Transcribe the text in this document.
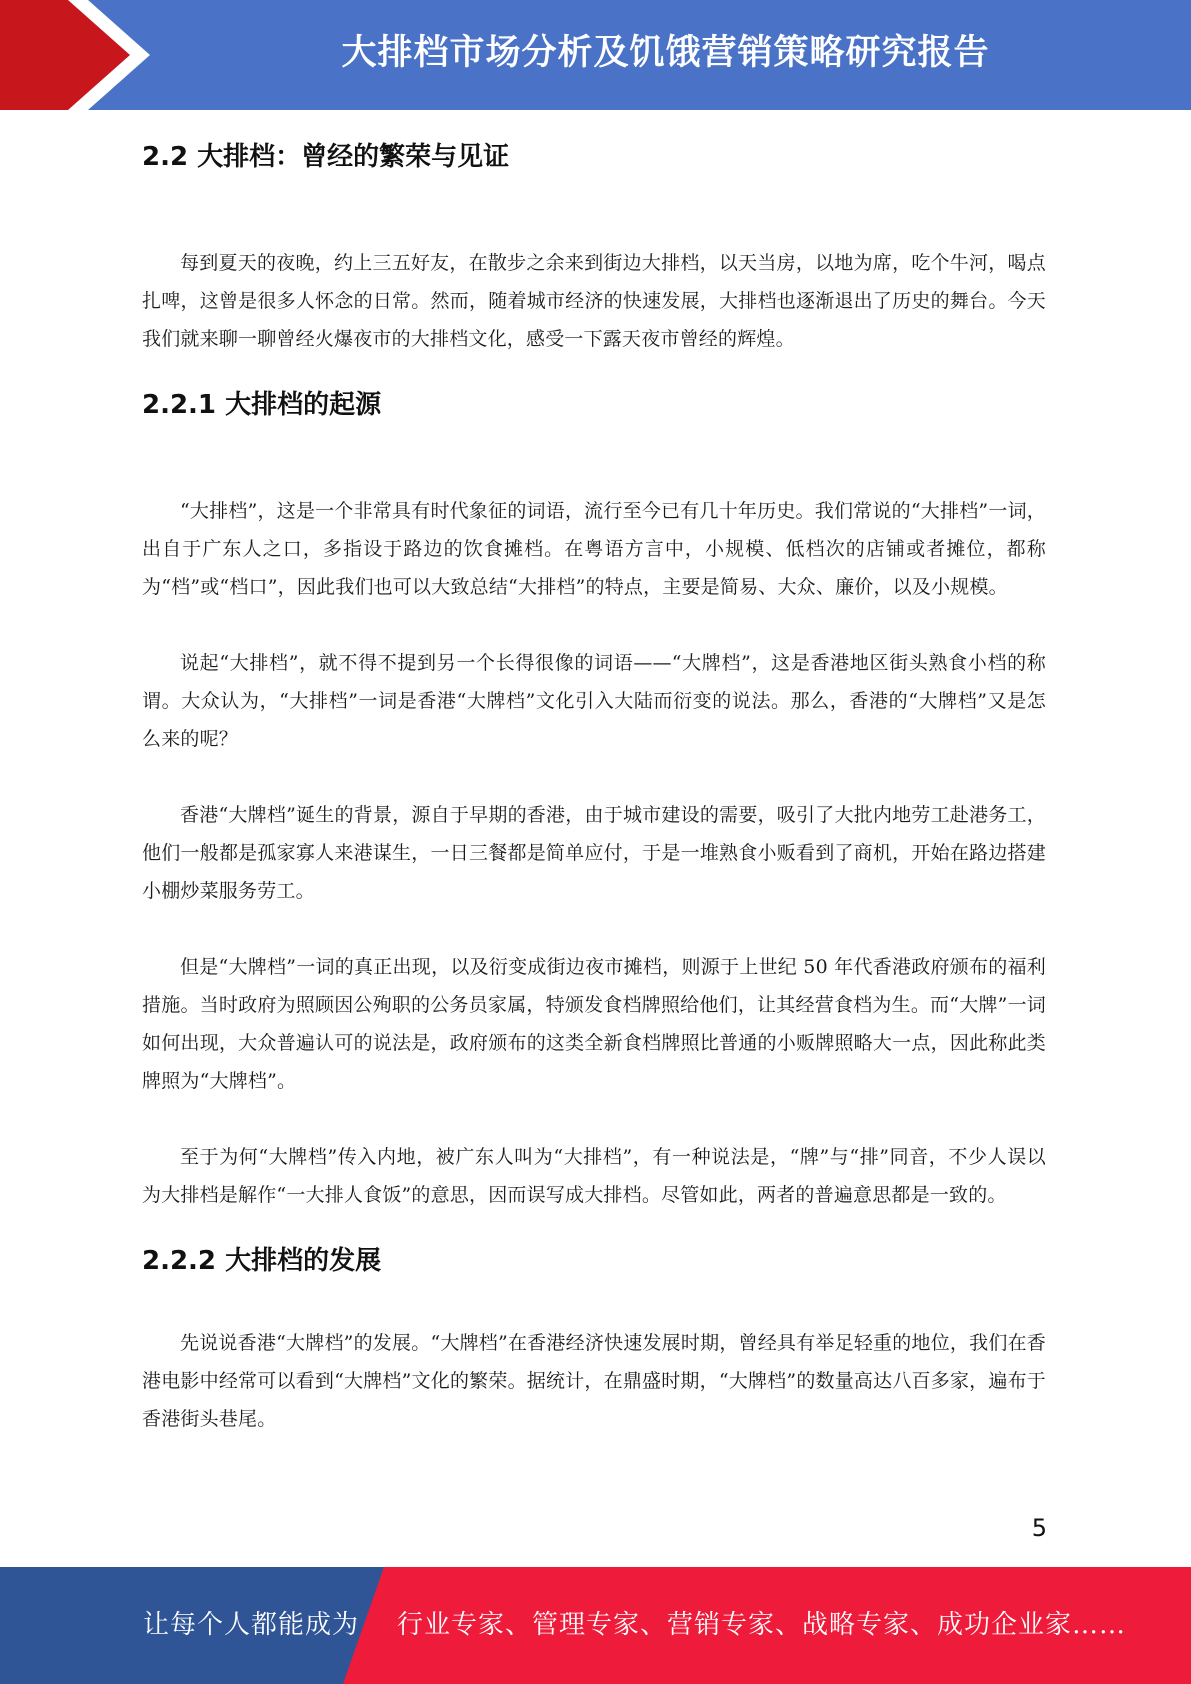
大排档市场分析及饥饿营销策略研究报告
2.2 大排档：曾经的繁荣与见证

每到夏天的夜晚，约上三五好友，在散步之余来到街边大排档，以天当房，以地为席，吃个牛河，喝点扎啤，这曾是很多人怀念的日常。然而，随着城市经济的快速发展，大排档也逐渐退出了历史的舞台。今天我们就来聊一聊曾经火爆夜市的大排档文化，感受一下露天夜市曾经的辉煌。

2.2.1 大排档的起源

“大排档”，这是一个非常具有时代象征的词语，流行至今已有几十年历史。我们常说的“大排档”一词，出自于广东人之口，多指设于路边的饮食摊档。在粤语方言中，小规模、低档次的店铺或者摊位，都称为“档”或“档口”，因此我们也可以大致总结“大排档”的特点，主要是简易、大众、廉价，以及小规模。

说起“大排档”，就不得不提到另一个长得很像的词语——“大牌档”，这是香港地区街头熟食小档的称谓。大众认为，“大排档”一词是香港“大牌档”文化引入大陆而衍变的说法。那么，香港的“大牌档”又是怎么来的呢？

香港“大牌档”诞生的背景，源自于早期的香港，由于城市建设的需要，吸引了大批内地劳工赴港务工，他们一般都是孤家寡人来港谋生，一日三餐都是简单应付，于是一堆熟食小贩看到了商机，开始在路边搭建小棚炒菜服务劳工。

但是“大牌档”一词的真正出现，以及衍变成街边夜市摊档，则源于上世纪 50 年代香港政府颁布的福利措施。当时政府为照顾因公殉职的公务员家属，特颁发食档牌照给他们，让其经营食档为生。而“大牌”一词如何出现，大众普遍认可的说法是，政府颁布的这类全新食档牌照比普通的小贩牌照略大一点，因此称此类牌照为“大牌档”。

至于为何“大牌档”传入内地，被广东人叫为“大排档”，有一种说法是，“牌”与“排”同音，不少人误以为大排档是解作“一大排人食饭”的意思，因而误写成大排档。尽管如此，两者的普遍意思都是一致的。

2.2.2 大排档的发展

先说说香港“大牌档”的发展。“大牌档”在香港经济快速发展时期，曾经具有举足轻重的地位，我们在香港电影中经常可以看到“大牌档”文化的繁荣。据统计，在鼎盛时期，“大牌档”的数量高达八百多家，遍布于香港街头巷尾。

5
让每个人都能成为 行业专家、管理专家、营销专家、战略专家、成功企业家……
